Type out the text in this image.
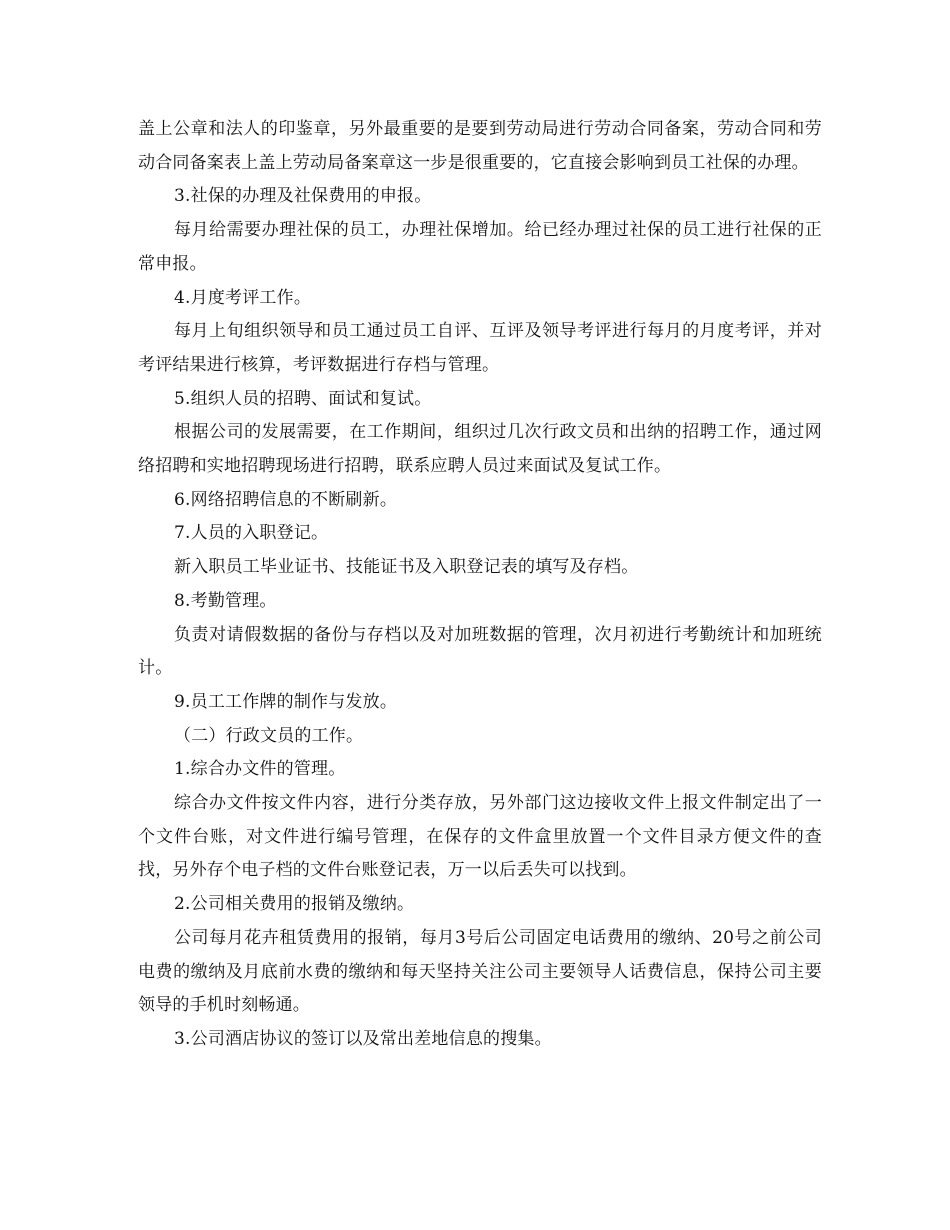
盖上公章和法人的印鉴章，另外最重要的是要到劳动局进行劳动合同备案，劳动合同和劳动合同备案表上盖上劳动局备案章这一步是很重要的，它直接会影响到员工社保的办理。

3.社保的办理及社保费用的申报。

每月给需要办理社保的员工，办理社保增加。给已经办理过社保的员工进行社保的正常申报。

4.月度考评工作。

每月上旬组织领导和员工通过员工自评、互评及领导考评进行每月的月度考评，并对考评结果进行核算，考评数据进行存档与管理。

5.组织人员的招聘、面试和复试。

根据公司的发展需要，在工作期间，组织过几次行政文员和出纳的招聘工作，通过网络招聘和实地招聘现场进行招聘，联系应聘人员过来面试及复试工作。

6.网络招聘信息的不断刷新。

7.人员的入职登记。

新入职员工毕业证书、技能证书及入职登记表的填写及存档。

8.考勤管理。

负责对请假数据的备份与存档以及对加班数据的管理，次月初进行考勤统计和加班统计。

9.员工工作牌的制作与发放。

（二）行政文员的工作。

1.综合办文件的管理。

综合办文件按文件内容，进行分类存放，另外部门这边接收文件上报文件制定出了一个文件台账，对文件进行编号管理，在保存的文件盒里放置一个文件目录方便文件的查找，另外存个电子档的文件台账登记表，万一以后丢失可以找到。

2.公司相关费用的报销及缴纳。

公司每月花卉租赁费用的报销，每月3号后公司固定电话费用的缴纳、20号之前公司电费的缴纳及月底前水费的缴纳和每天坚持关注公司主要领导人话费信息，保持公司主要领导的手机时刻畅通。

3.公司酒店协议的签订以及常出差地信息的搜集。
